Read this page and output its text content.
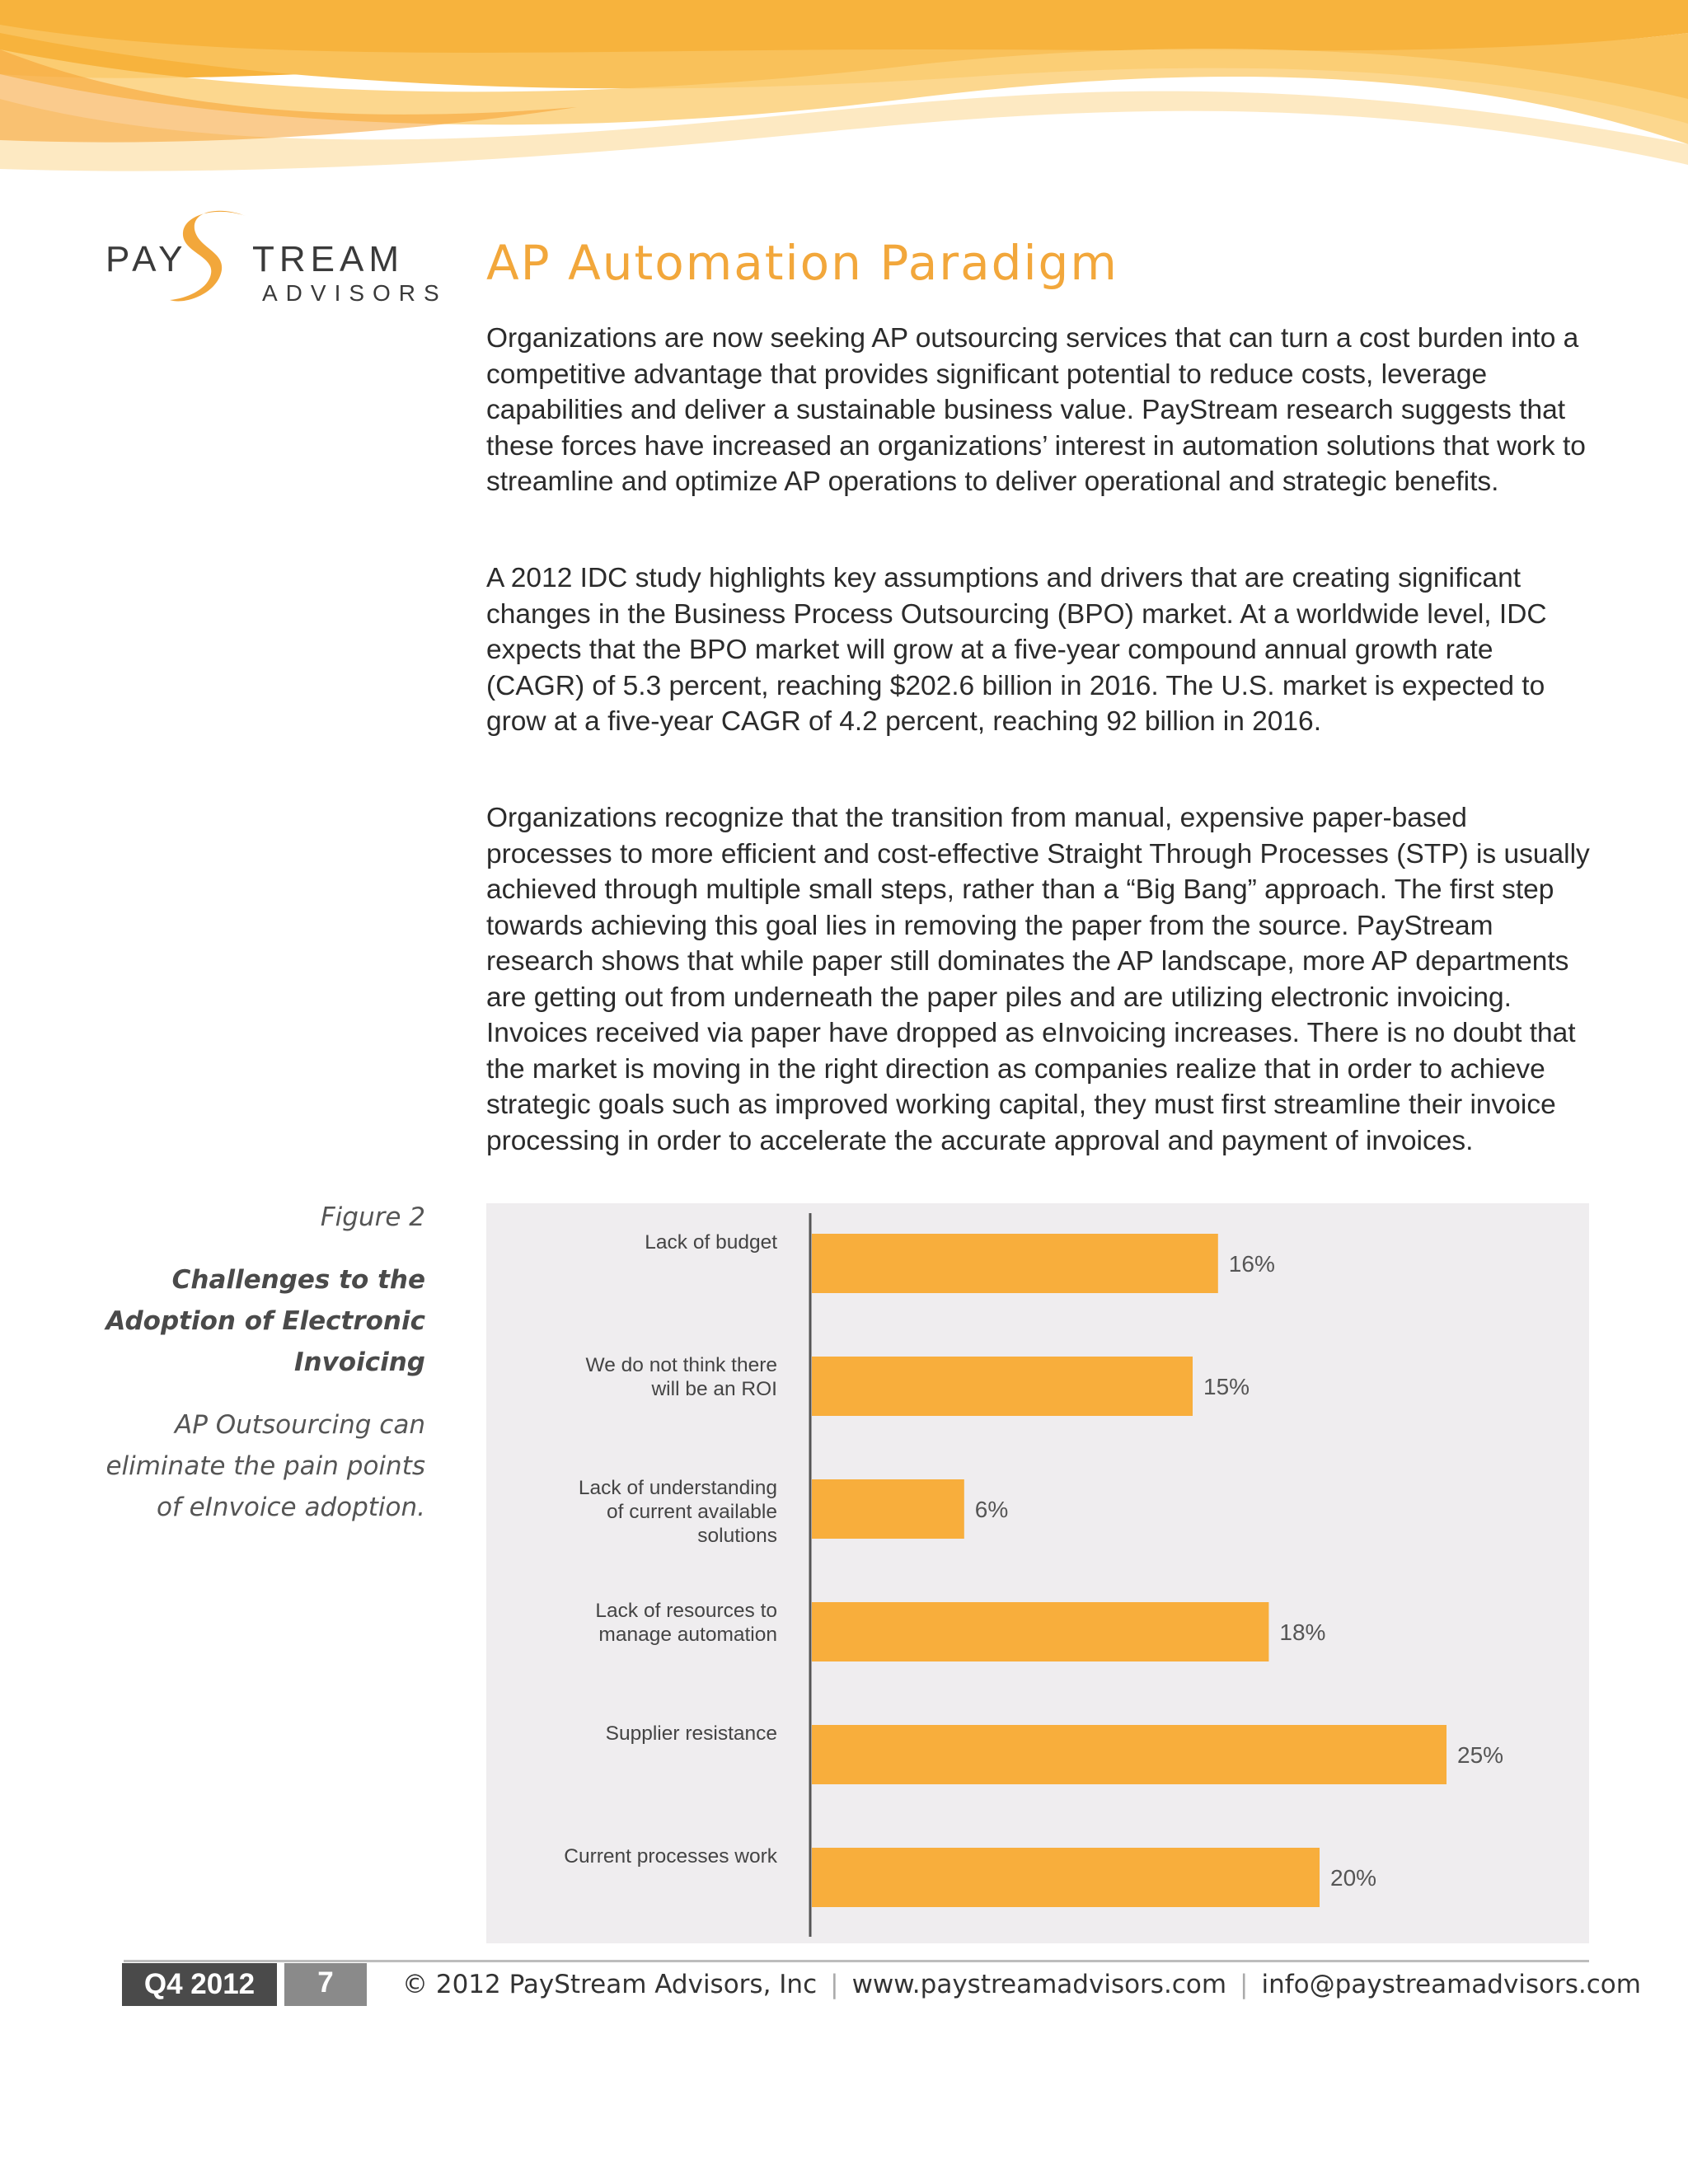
PAY TREAM
ADVISORS
AP Automation Paradigm

Organizations are now seeking AP outsourcing services that can turn a cost burden into a competitive advantage that provides significant potential to reduce costs, leverage capabilities and deliver a sustainable business value. PayStream research suggests that these forces have increased an organizations’ interest in automation solutions that work to streamline and optimize AP operations to deliver operational and strategic benefits.

A 2012 IDC study highlights key assumptions and drivers that are creating significant changes in the Business Process Outsourcing (BPO) market. At a worldwide level, IDC expects that the BPO market will grow at a five-year compound annual growth rate (CAGR) of 5.3 percent, reaching $202.6 billion in 2016. The U.S. market is expected to grow at a five-year CAGR of 4.2 percent, reaching 92 billion in 2016.

Organizations recognize that the transition from manual, expensive paper-based processes to more efficient and cost-effective Straight Through Processes (STP) is usually achieved through multiple small steps, rather than a “Big Bang” approach. The first step towards achieving this goal lies in removing the paper from the source. PayStream research shows that while paper still dominates the AP landscape, more AP departments are getting out from underneath the paper piles and are utilizing electronic invoicing. Invoices received via paper have dropped as eInvoicing increases. There is no doubt that the market is moving in the right direction as companies realize that in order to achieve strategic goals such as improved working capital, they must first streamline their invoice processing in order to accelerate the accurate approval and payment of invoices.

Figure 2

Challenges to the Adoption of Electronic Invoicing

AP Outsourcing can eliminate the pain points of eInvoice adoption.

16%
Lack of budget
15%
We do not think there will be an ROI
6%
Lack of understanding of current available solutions
18%
Lack of resources to manage automation
25%
Supplier resistance
20%
Current processes work
Q4 2012	7	© 2012 PayStream Advisors, Inc | www.paystreamadvisors.com | info@paystreamadvisors.com
